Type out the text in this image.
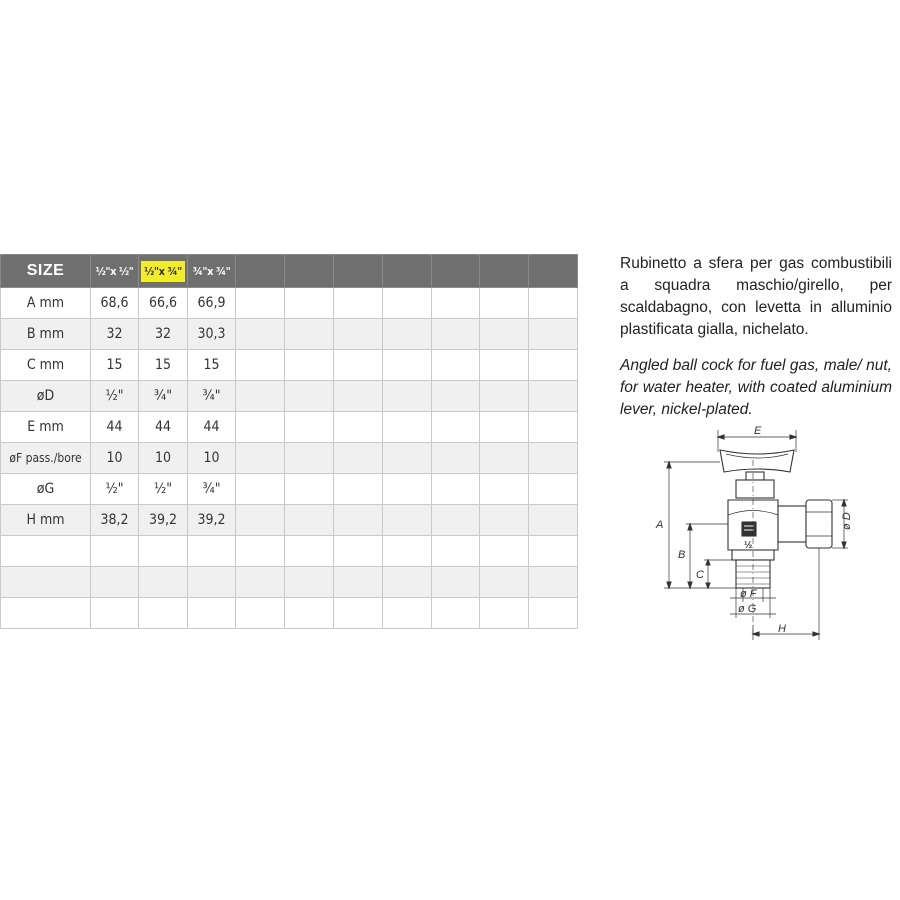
SIZE	½"x ½"	½"x ¾"	¾"x ¾"							
A mm	68,6	66,6	66,9							
B mm	32	32	30,3							
C mm	15	15	15							
øD	½"	¾"	¾"							
E mm	44	44	44							
øF pass./bore	10	10	10							
øG	½"	½"	¾"							
H mm	38,2	39,2	39,2							

Rubinetto a sfera per gas combustibili a squadra maschio/girello, per scaldabagno, con levetta in alluminio plastificata gialla, nichelato.

Angled ball cock for fuel gas, male/ nut, for water heater, with coated aluminium lever, nickel-plated.

E
A
B
C
ø D
ø F
ø G
H
½
